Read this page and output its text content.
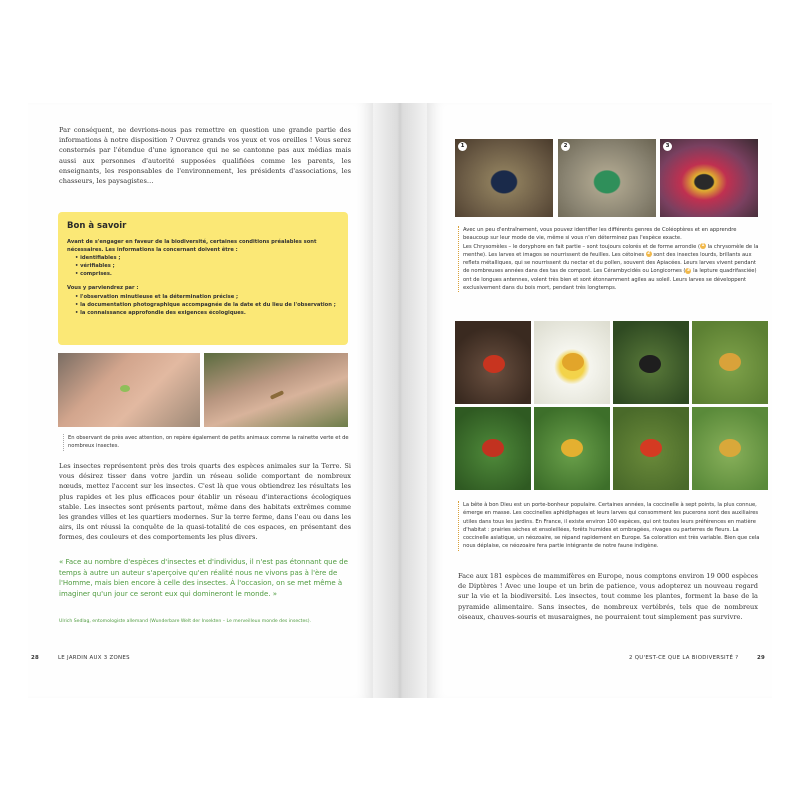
Par conséquent, ne devrions-nous pas remettre en question une grande partie des informations à notre disposition ? Ouvrez grands vos yeux et vos oreilles ! Vous serez consternés par l'étendue d'une ignorance qui ne se cantonne pas aux médias mais aussi aux personnes d'autorité supposées qualifiées comme les parents, les enseignants, les responsables de l'environnement, les présidents d'associations, les chasseurs, les paysagistes…
Bon à savoir
Avant de s'engager en faveur de la biodiversité, certaines conditions préalables sont nécessaires. Les informations la concernant doivent être :
• identifiables ;
• vérifiables ;
• comprises.
Vous y parviendrez par :
• l'observation minutieuse et la détermination précise ;
• la documentation photographique accompagnée de la date et du lieu de l'observation ;
• la connaissance approfondie des exigences écologiques.
En observant de près avec attention, on repère également de petits animaux comme la rainette verte et de nombreux insectes.
Les insectes représentent près des trois quarts des espèces animales sur la Terre. Si vous désirez tisser dans votre jardin un réseau solide comportant de nombreux nœuds, mettez l'accent sur les insectes. C'est là que vous obtiendrez les résultats les plus rapides et les plus efficaces pour établir un réseau d'interactions écologiques stable. Les insectes sont présents partout, même dans des habitats extrêmes comme les grandes villes et les quartiers modernes. Sur la terre ferme, dans l'eau ou dans les airs, ils ont réussi la conquête de la quasi-totalité de ces espaces, en présentant des formes, des couleurs et des comportements les plus divers.
« Face au nombre d'espèces d'insectes et d'individus, il n'est pas étonnant que de temps à autre un auteur s'aperçoive qu'en réalité nous ne vivons pas à l'ère de l'Homme, mais bien encore à celle des insectes. À l'occasion, on se met même à imaginer qu'un jour ce seront eux qui domineront le monde. »
Ulrich Sedlag, entomologiste allemand (Wunderbare Welt der Insekten – Le merveilleux monde des insectes).
28	LE JARDIN AUX 3 ZONES
1	2	3
Avec un peu d'entraînement, vous pouvez identifier les différents genres de Coléoptères et en apprendre beaucoup sur leur mode de vie, même si vous n'en déterminez pas l'espèce exacte.
Les Chrysomèles – le doryphore en fait partie – sont toujours colorés et de forme arrondie (1 la chrysomèle de la menthe). Les larves et imagos se nourrissent de feuilles. Les cétoines 2 sont des insectes lourds, brillants aux reflets métalliques, qui se nourrissent du nectar et du pollen, souvent des Apiacées. Leurs larves vivent pendant de nombreuses années dans des tas de compost. Les Cérambycidés ou Longicornes (3 la lepture quadrifasciée) ont de longues antennes, volent très bien et sont étonnamment agiles au soleil. Leurs larves se développent exclusivement dans du bois mort, pendant très longtemps.
La bête à bon Dieu est un porte-bonheur populaire. Certaines années, la coccinelle à sept points, la plus connue, émerge en masse. Les coccinelles aphidiphages et leurs larves qui consomment les pucerons sont des auxiliaires utiles dans tous les jardins. En France, il existe environ 100 espèces, qui ont toutes leurs préférences en matière d'habitat : prairies sèches et ensoleillées, forêts humides et ombragées, rivages ou parterres de fleurs. La coccinelle asiatique, un néozoaire, se répand rapidement en Europe. Sa coloration est très variable. Bien que cela nous déplaise, ce néozoaire fera partie intégrante de notre faune indigène.
Face aux 181 espèces de mammifères en Europe, nous comptons environ 19 000 espèces de Diptères ! Avec une loupe et un brin de patience, vous adopterez un nouveau regard sur la vie et la biodiversité. Les insectes, tout comme les plantes, forment la base de la pyramide alimentaire. Sans insectes, de nombreux vertébrés, tels que de nombreux oiseaux, chauves-souris et musaraignes, ne pourraient tout simplement pas survivre.
2 QU'EST-CE QUE LA BIODIVERSITÉ ?	29
